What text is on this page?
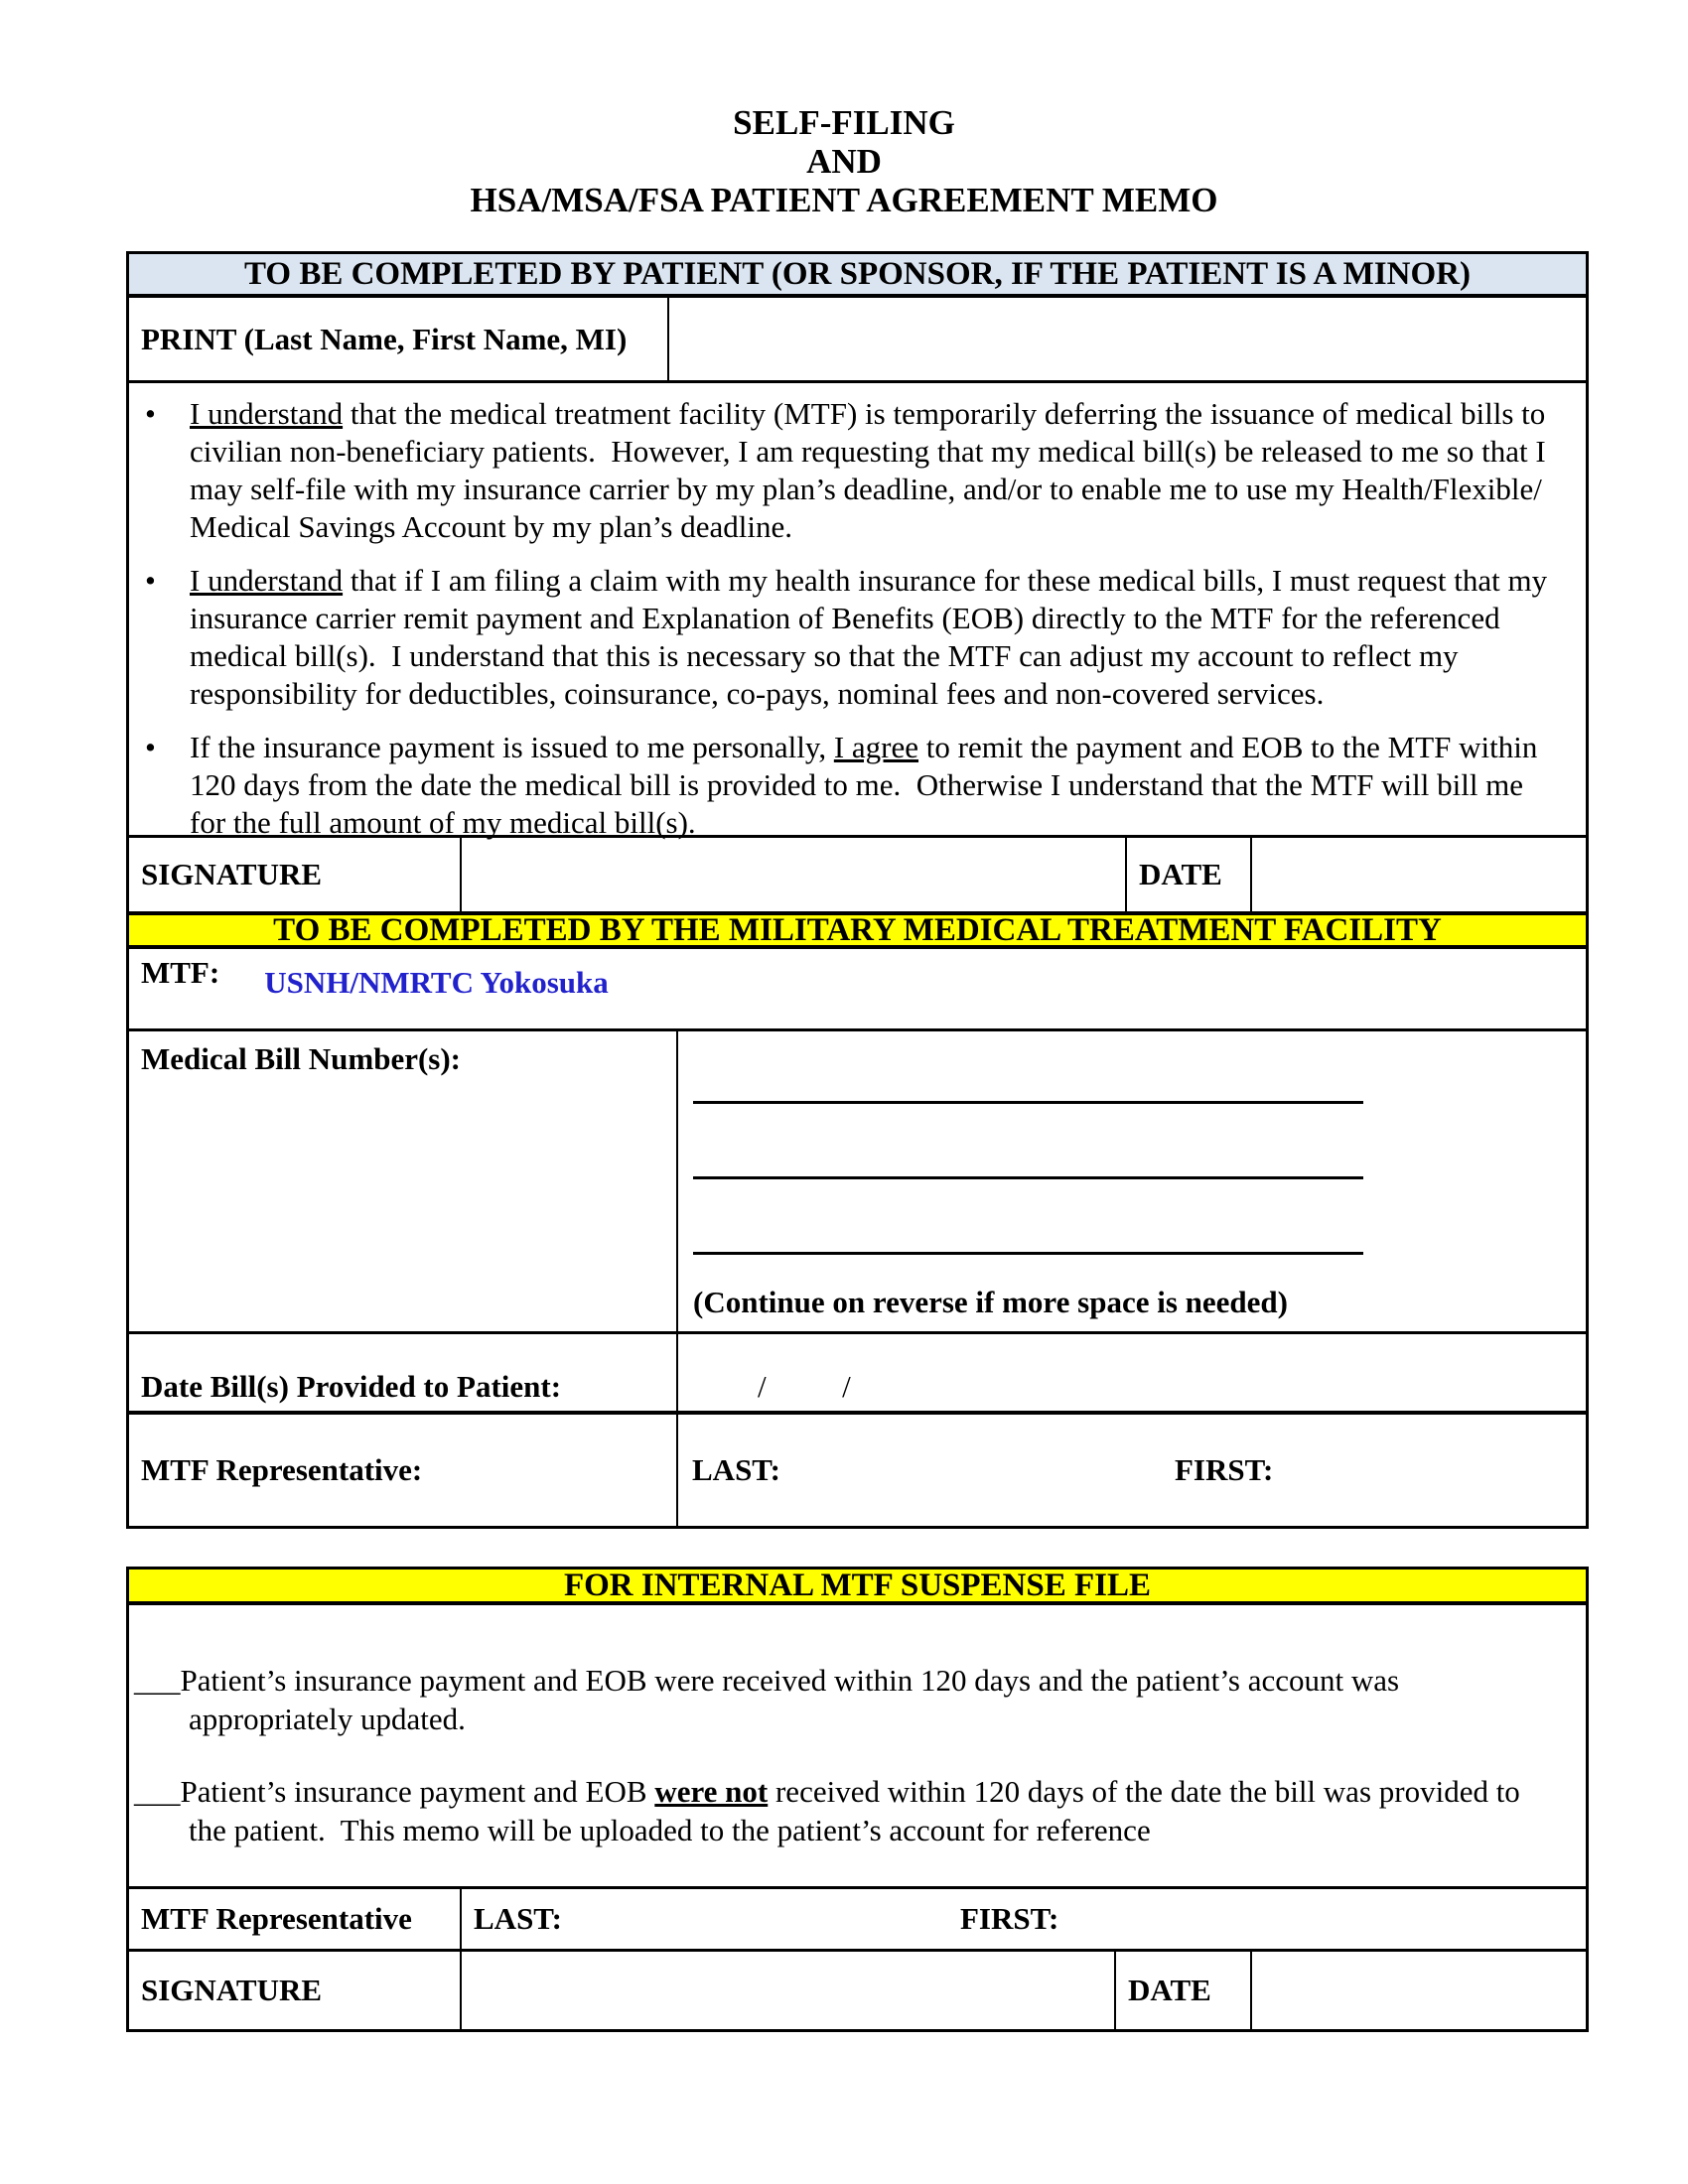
SELF-FILING
AND
HSA/MSA/FSA PATIENT AGREEMENT MEMO
TO BE COMPLETED BY PATIENT (OR SPONSOR, IF THE PATIENT IS A MINOR)
PRINT (Last Name, First Name, MI)
•	I understand that the medical treatment facility (MTF) is temporarily deferring the issuance of medical bills to civilian non-beneficiary patients.  However, I am requesting that my medical bill(s) be released to me so that I may self-file with my insurance carrier by my plan’s deadline, and/or to enable me to use my Health/Flexible/ Medical Savings Account by my plan’s deadline.
•	I understand that if I am filing a claim with my health insurance for these medical bills, I must request that my insurance carrier remit payment and Explanation of Benefits (EOB) directly to the MTF for the referenced medical bill(s).  I understand that this is necessary so that the MTF can adjust my account to reflect my responsibility for deductibles, coinsurance, co-pays, nominal fees and non-covered services.
•	If the insurance payment is issued to me personally, I agree to remit the payment and EOB to the MTF within 120 days from the date the medical bill is provided to me.  Otherwise I understand that the MTF will bill me for the full amount of my medical bill(s).
SIGNATURE	DATE
TO BE COMPLETED BY THE MILITARY MEDICAL TREATMENT FACILITY
MTF: USNH/NMRTC Yokosuka
Medical Bill Number(s):
(Continue on reverse if more space is needed)
Date Bill(s) Provided to Patient:	/      /
MTF Representative:	LAST:	FIRST:
FOR INTERNAL MTF SUSPENSE FILE
___Patient’s insurance payment and EOB were received within 120 days and the patient’s account was appropriately updated.
___Patient’s insurance payment and EOB were not received within 120 days of the date the bill was provided to the patient.  This memo will be uploaded to the patient’s account for reference
MTF Representative	LAST:	FIRST:
SIGNATURE	DATE
